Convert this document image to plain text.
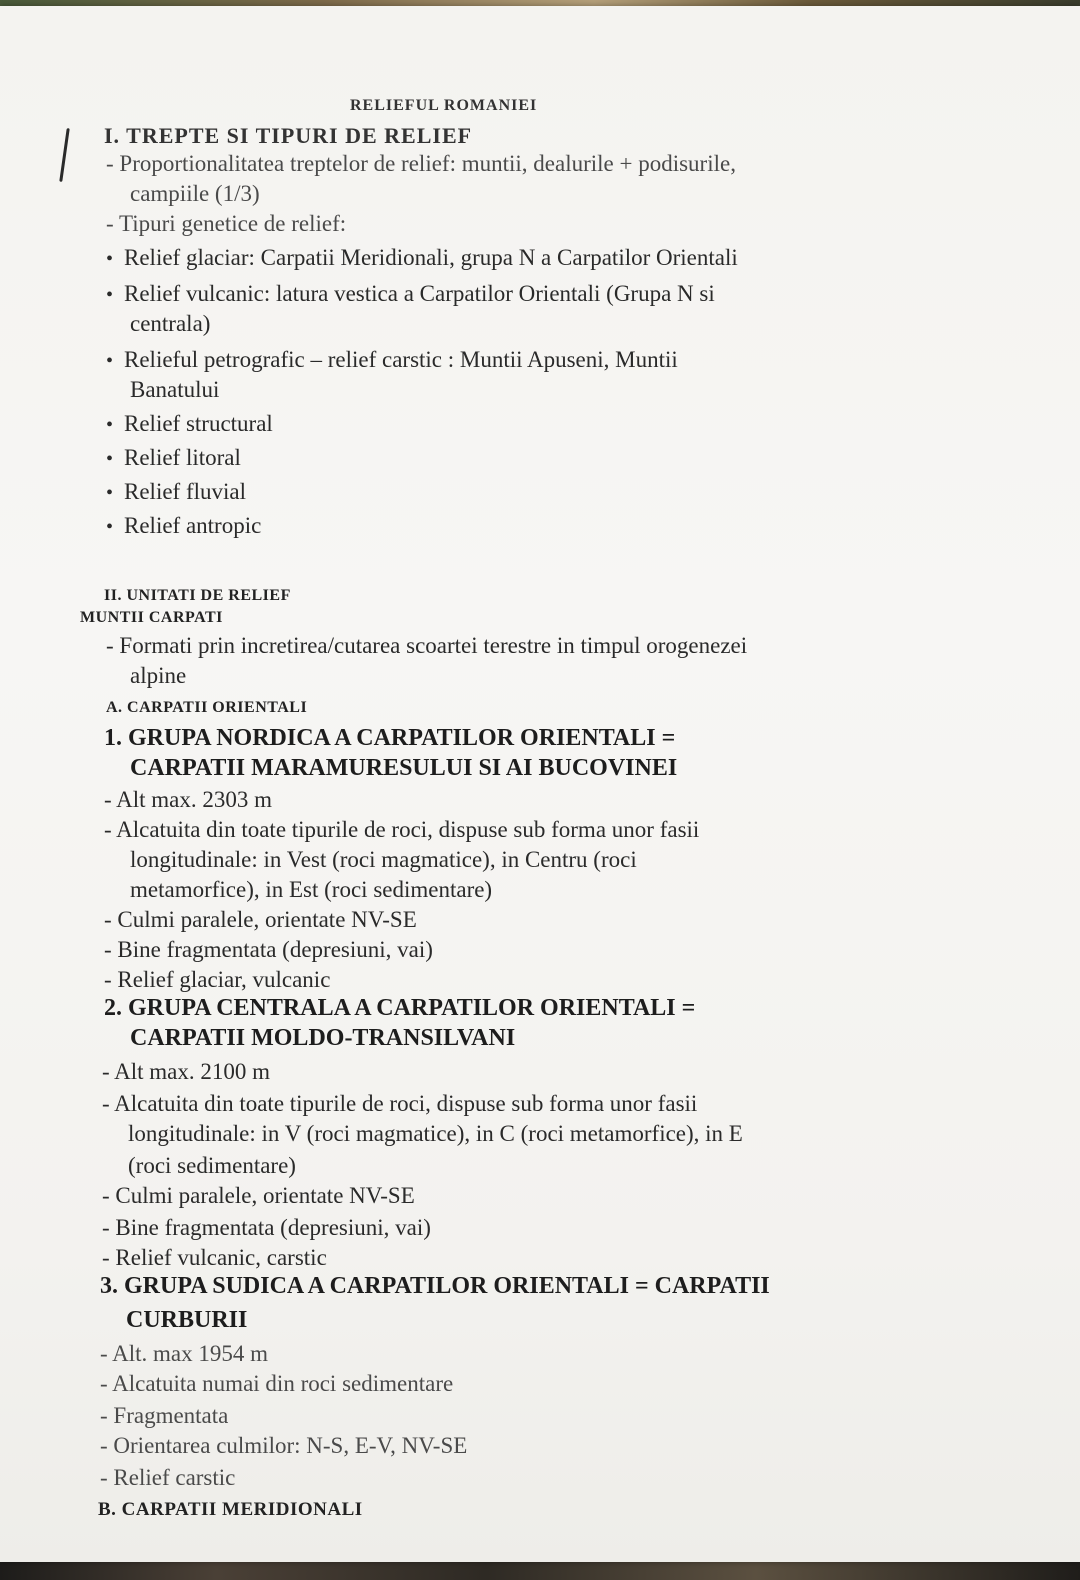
RELIEFUL ROMANIEI
I. TREPTE SI TIPURI DE RELIEF
- Proportionalitatea treptelor de relief: muntii, dealurile + podisurile,
campiile (1/3)
- Tipuri genetice de relief:
• Relief glaciar: Carpatii Meridionali, grupa N a Carpatilor Orientali
• Relief vulcanic: latura vestica a Carpatilor Orientali (Grupa N si
centrala)
• Relieful petrografic – relief carstic : Muntii Apuseni, Muntii
Banatului
• Relief structural
• Relief litoral
• Relief fluvial
• Relief antropic
II. UNITATI DE RELIEF
MUNTII CARPATI
- Formati prin incretirea/cutarea scoartei terestre in timpul orogenezei
alpine
A. CARPATII ORIENTALI
1. GRUPA NORDICA A CARPATILOR ORIENTALI =
CARPATII MARAMURESULUI SI AI BUCOVINEI
- Alt max. 2303 m
- Alcatuita din toate tipurile de roci, dispuse sub forma unor fasii
longitudinale: in Vest (roci magmatice), in Centru (roci
metamorfice), in Est (roci sedimentare)
- Culmi paralele, orientate NV-SE
- Bine fragmentata (depresiuni, vai)
- Relief glaciar, vulcanic
2. GRUPA CENTRALA A CARPATILOR ORIENTALI =
CARPATII MOLDO-TRANSILVANI
- Alt max. 2100 m
- Alcatuita din toate tipurile de roci, dispuse sub forma unor fasii
longitudinale: in V (roci magmatice), in C (roci metamorfice), in E
(roci sedimentare)
- Culmi paralele, orientate NV-SE
- Bine fragmentata (depresiuni, vai)
- Relief vulcanic, carstic
3. GRUPA SUDICA A CARPATILOR ORIENTALI = CARPATII
CURBURII
- Alt. max 1954 m
- Alcatuita numai din roci sedimentare
- Fragmentata
- Orientarea culmilor: N-S, E-V, NV-SE
- Relief carstic
B. CARPATII MERIDIONALI
